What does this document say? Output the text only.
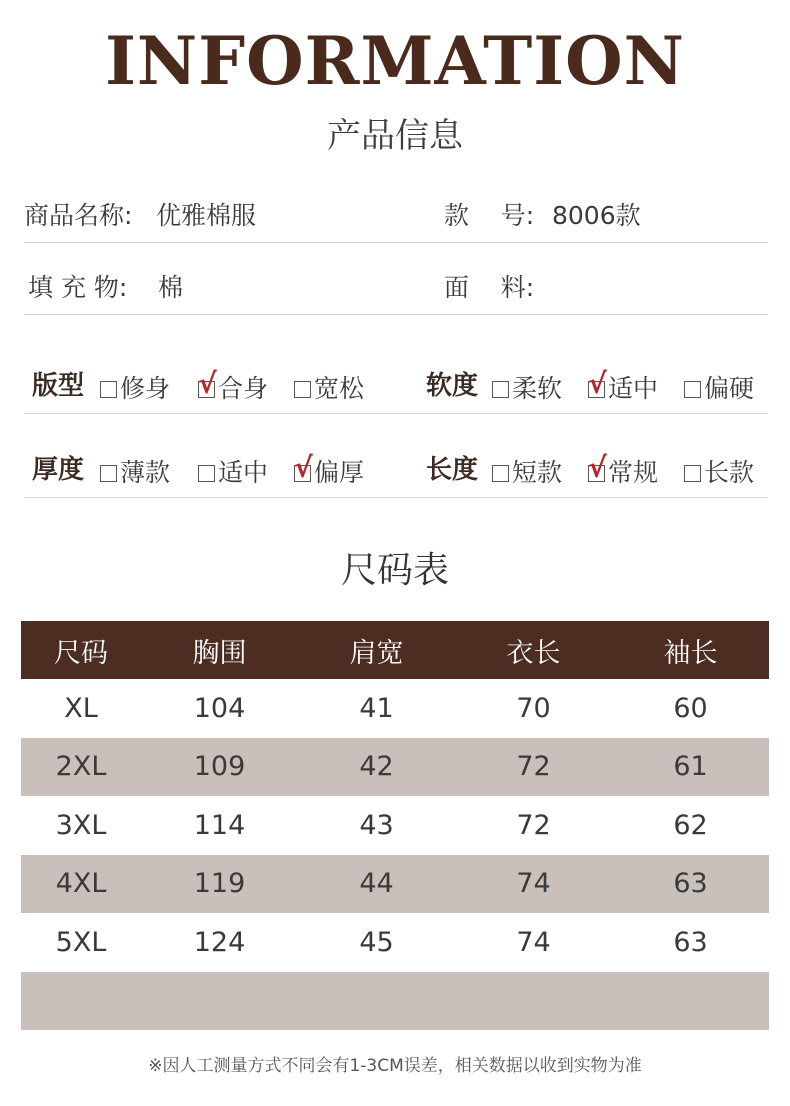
INFORMATION
产品信息
商品名称: 优雅棉服	款    号: 8006款
填 充 物: 棉	面    料:
版型	修身 √ 合身	宽松 软度	柔软 √ 适中	偏硬
厚度	薄款	适中 √ 偏厚 长度	短款 √ 常规	长款
尺码表
尺码	胸围	肩宽	衣长	袖长
XL	104	41	70	60
2XL	109	42	72	61
3XL	114	43	72	62
4XL	119	44	74	63
5XL	124	45	74	63

※因人工测量方式不同会有1-3CM误差，相关数据以收到实物为准
